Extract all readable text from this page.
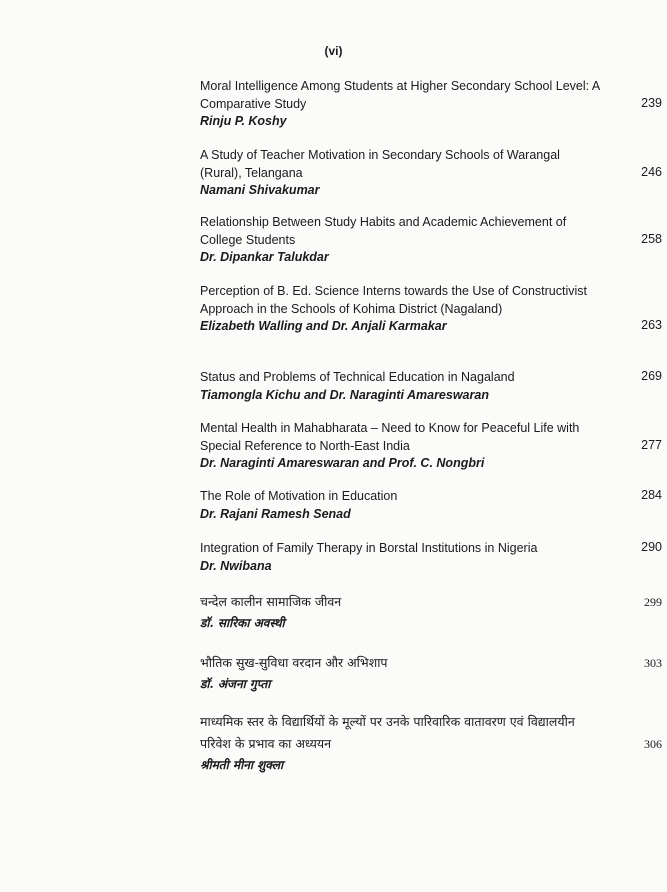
(vi)
Moral Intelligence Among Students at Higher Secondary School Level: A Comparative Study
Rinju P. Koshy
239
A Study of Teacher Motivation in Secondary Schools of Warangal (Rural), Telangana
Namani Shivakumar
246
Relationship Between Study Habits and Academic Achievement of College Students
Dr. Dipankar Talukdar
258
Perception of B. Ed. Science Interns towards the Use of Constructivist Approach in the Schools of Kohima District (Nagaland)
Elizabeth Walling and Dr. Anjali Karmakar	263
Status and Problems of Technical Education in Nagaland
Tiamongla Kichu and Dr. Naraginti Amareswaran
269
Mental Health in Mahabharata – Need to Know for Peaceful Life with Special Reference to North-East India
Dr. Naraginti Amareswaran and Prof. C. Nongbri
277
The Role of Motivation in Education
Dr. Rajani Ramesh Senad
284
Integration of Family Therapy in Borstal Institutions in Nigeria
Dr. Nwibana
290
चन्देल कालीन सामाजिक जीवन
डॉ. सारिका अवस्थी
299
भौतिक सुख-सुविधा वरदान और अभिशाप
डॉ. अंजना गुप्ता
303
माध्यमिक स्तर के विद्यार्थियों के मूल्यों पर उनके पारिवारिक वातावरण एवं विद्यालयीन परिवेश के प्रभाव का अध्ययन
श्रीमती मीना शुक्ला
306
